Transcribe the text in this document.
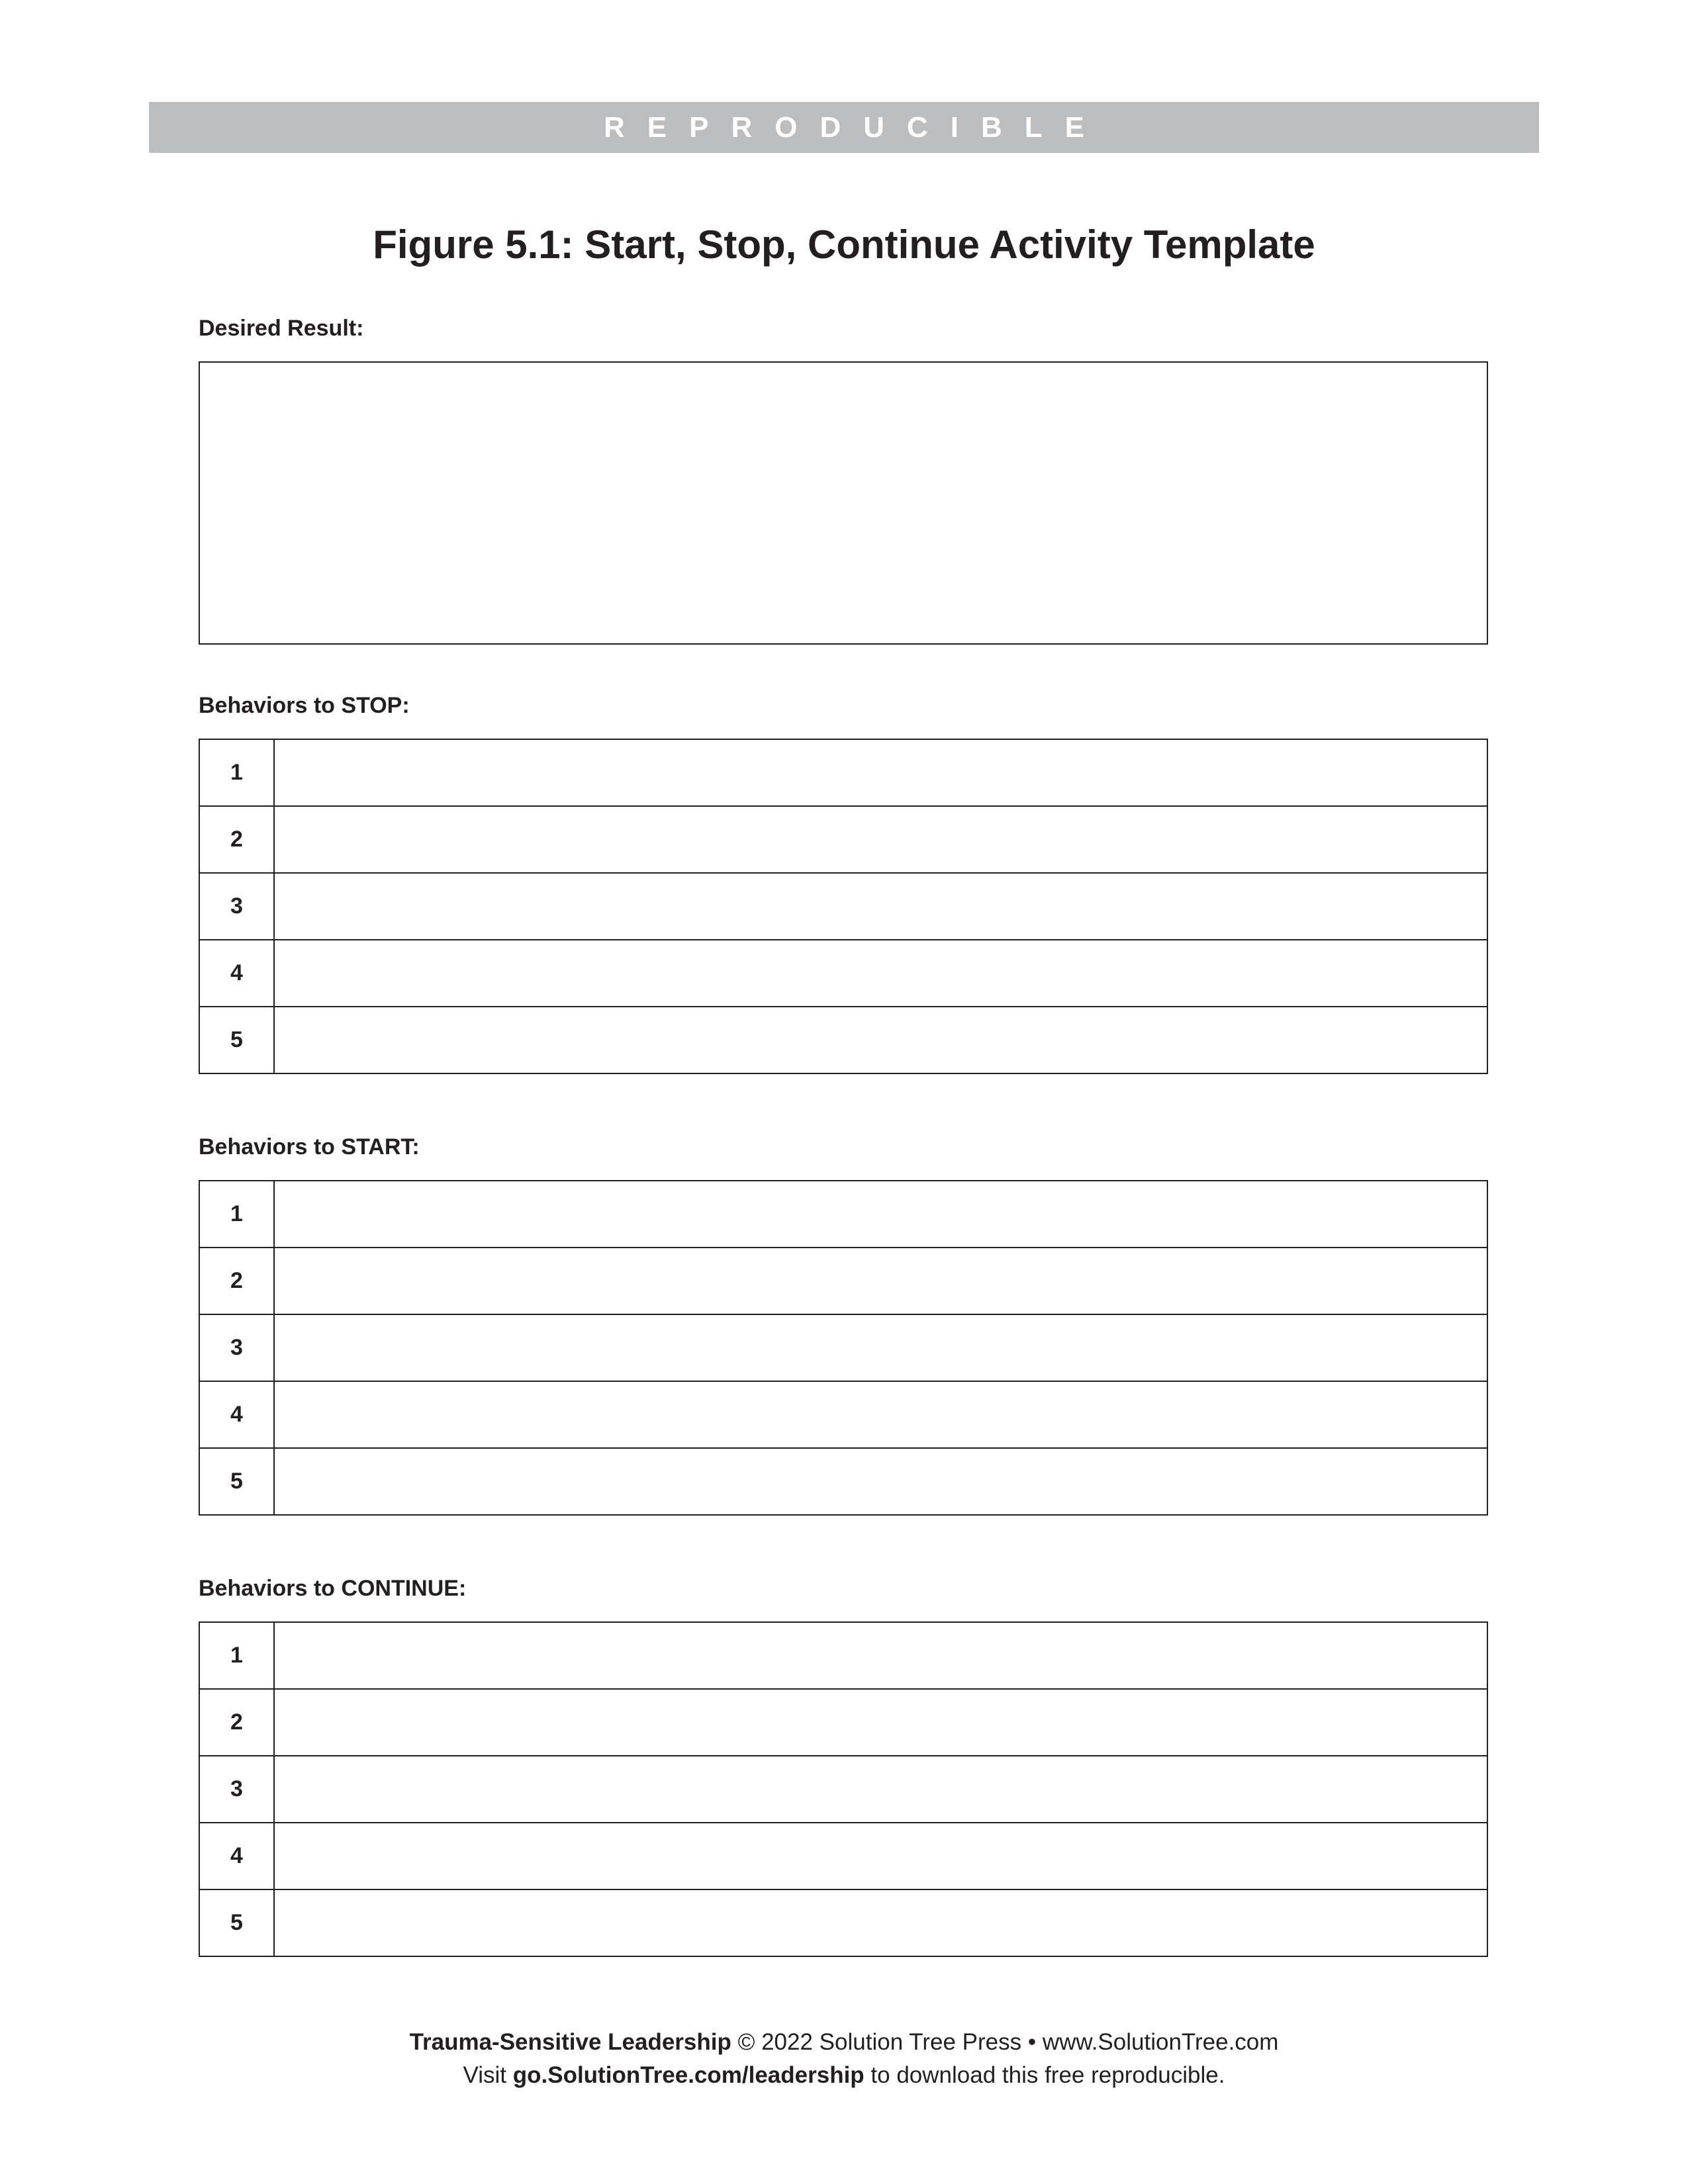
REPRODUCIBLE
Figure 5.1: Start, Stop, Continue Activity Template
Desired Result:
Behaviors to STOP:
1	
2	
3	
4	
5	
Behaviors to START:
1	
2	
3	
4	
5	
Behaviors to CONTINUE:
1	
2	
3	
4	
5	
Trauma-Sensitive Leadership © 2022 Solution Tree Press • www.SolutionTree.com
Visit go.SolutionTree.com/leadership to download this free reproducible.
